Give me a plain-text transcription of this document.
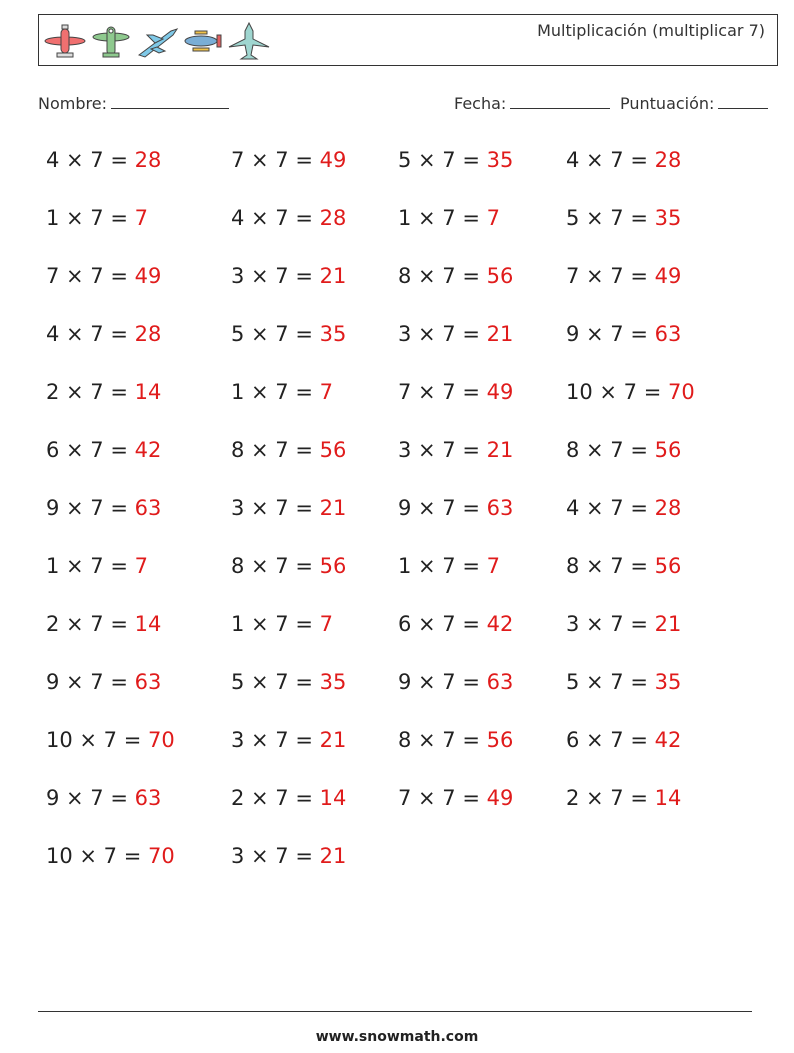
Multiplicación (multiplicar 7)
Nombre:	Fecha:	Puntuación:
4 × 7 = 28	7 × 7 = 49	5 × 7 = 35	4 × 7 = 28
1 × 7 = 7	4 × 7 = 28	1 × 7 = 7	5 × 7 = 35
7 × 7 = 49	3 × 7 = 21	8 × 7 = 56	7 × 7 = 49
4 × 7 = 28	5 × 7 = 35	3 × 7 = 21	9 × 7 = 63
2 × 7 = 14	1 × 7 = 7	7 × 7 = 49	10 × 7 = 70
6 × 7 = 42	8 × 7 = 56	3 × 7 = 21	8 × 7 = 56
9 × 7 = 63	3 × 7 = 21	9 × 7 = 63	4 × 7 = 28
1 × 7 = 7	8 × 7 = 56	1 × 7 = 7	8 × 7 = 56
2 × 7 = 14	1 × 7 = 7	6 × 7 = 42	3 × 7 = 21
9 × 7 = 63	5 × 7 = 35	9 × 7 = 63	5 × 7 = 35
10 × 7 = 70	3 × 7 = 21	8 × 7 = 56	6 × 7 = 42
9 × 7 = 63	2 × 7 = 14	7 × 7 = 49	2 × 7 = 14
10 × 7 = 70	3 × 7 = 21
www.snowmath.com
